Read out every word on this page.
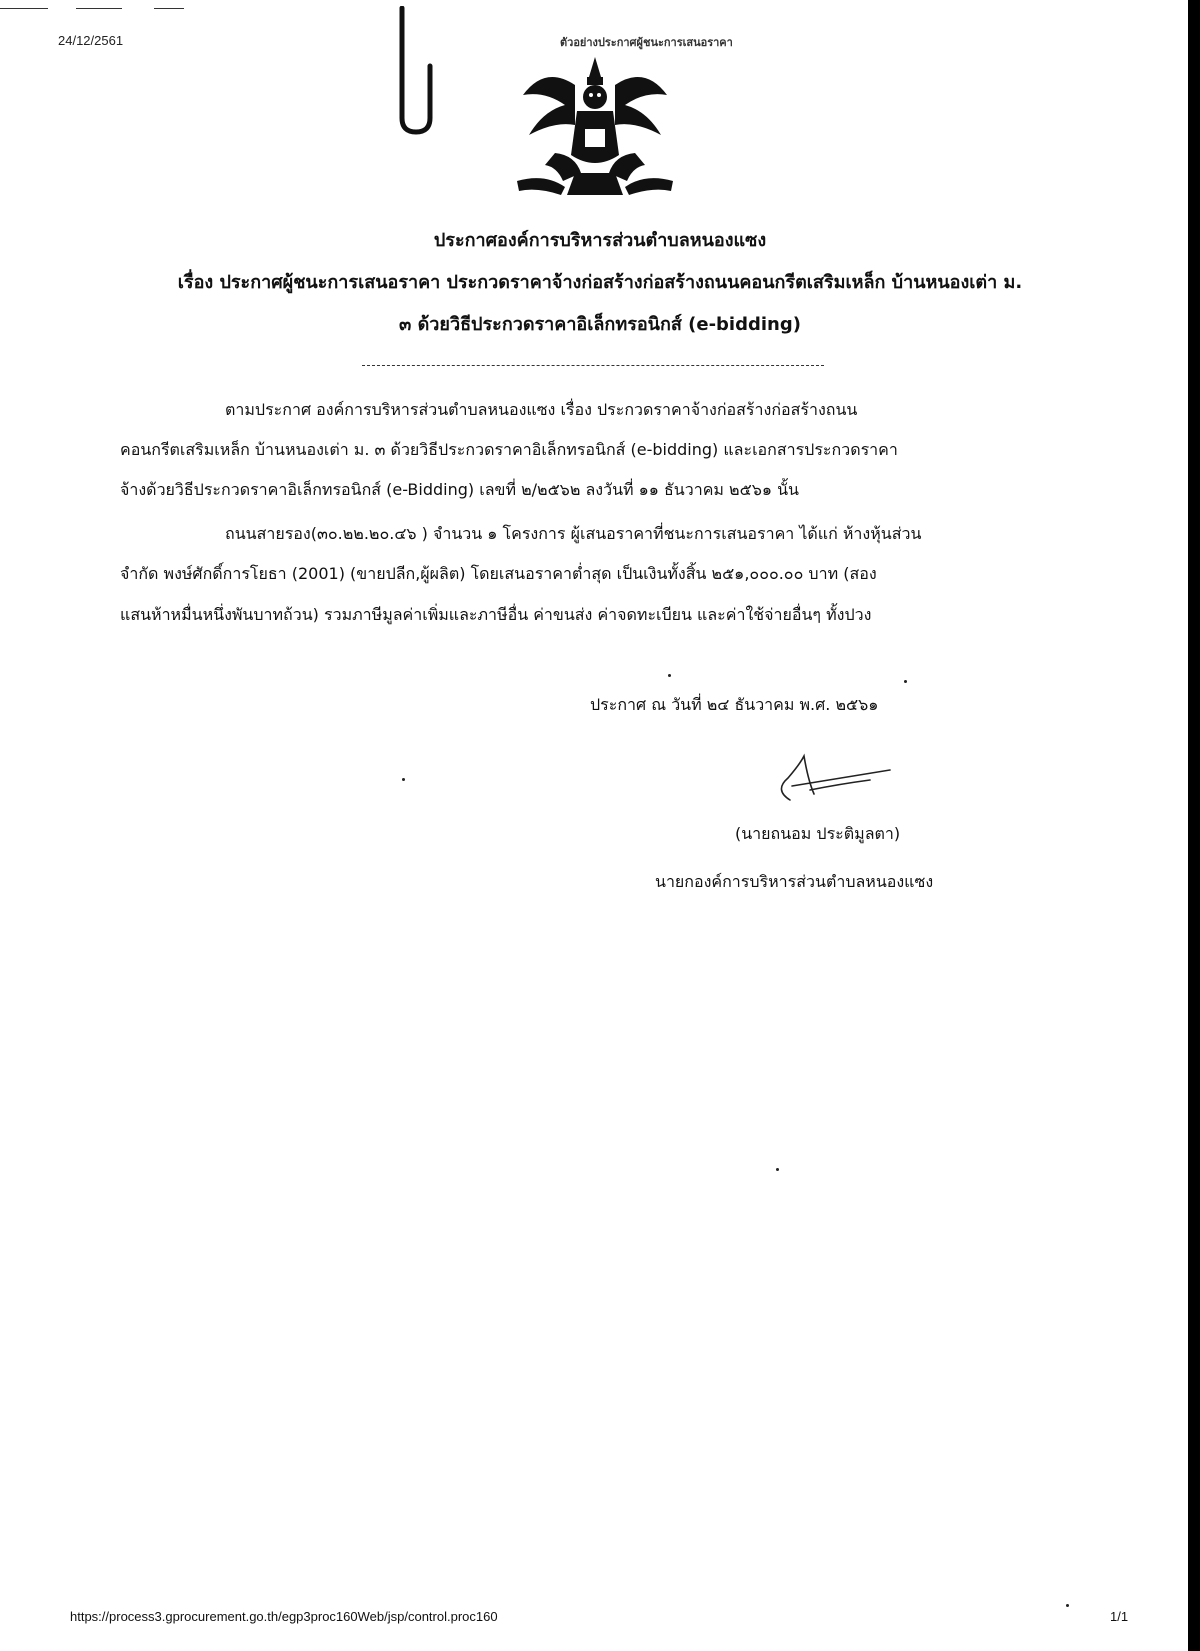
24/12/2561	ตัวอย่างประกาศผู้ชนะการเสนอราคา
ประกาศองค์การบริหารส่วนตำบลหนองแซง
เรื่อง ประกาศผู้ชนะการเสนอราคา ประกวดราคาจ้างก่อสร้างก่อสร้างถนนคอนกรีตเสริมเหล็ก บ้านหนองเต่า ม.
๓ ด้วยวิธีประกวดราคาอิเล็กทรอนิกส์ (e-bidding)
ตามประกาศ องค์การบริหารส่วนตำบลหนองแซง เรื่อง ประกวดราคาจ้างก่อสร้างก่อสร้างถนน
คอนกรีตเสริมเหล็ก บ้านหนองเต่า ม. ๓ ด้วยวิธีประกวดราคาอิเล็กทรอนิกส์ (e-bidding) และเอกสารประกวดราคา
จ้างด้วยวิธีประกวดราคาอิเล็กทรอนิกส์ (e-Bidding) เลขที่ ๒/๒๕๖๒ ลงวันที่ ๑๑ ธันวาคม ๒๕๖๑ นั้น
ถนนสายรอง(๓๐.๒๒.๒๐.๔๖ ) จำนวน ๑ โครงการ ผู้เสนอราคาที่ชนะการเสนอราคา ได้แก่ ห้างหุ้นส่วน
จำกัด พงษ์ศักดิ์การโยธา (2001) (ขายปลีก,ผู้ผลิต) โดยเสนอราคาต่ำสุด เป็นเงินทั้งสิ้น ๒๕๑,๐๐๐.๐๐ บาท (สอง
แสนห้าหมื่นหนึ่งพันบาทถ้วน) รวมภาษีมูลค่าเพิ่มและภาษีอื่น ค่าขนส่ง ค่าจดทะเบียน และค่าใช้จ่ายอื่นๆ ทั้งปวง
ประกาศ ณ วันที่ ๒๔ ธันวาคม พ.ศ. ๒๕๖๑
(นายถนอม ประติมูลตา)
นายกองค์การบริหารส่วนตำบลหนองแซง
https://process3.gprocurement.go.th/egp3proc160Web/jsp/control.proc160	1/1
